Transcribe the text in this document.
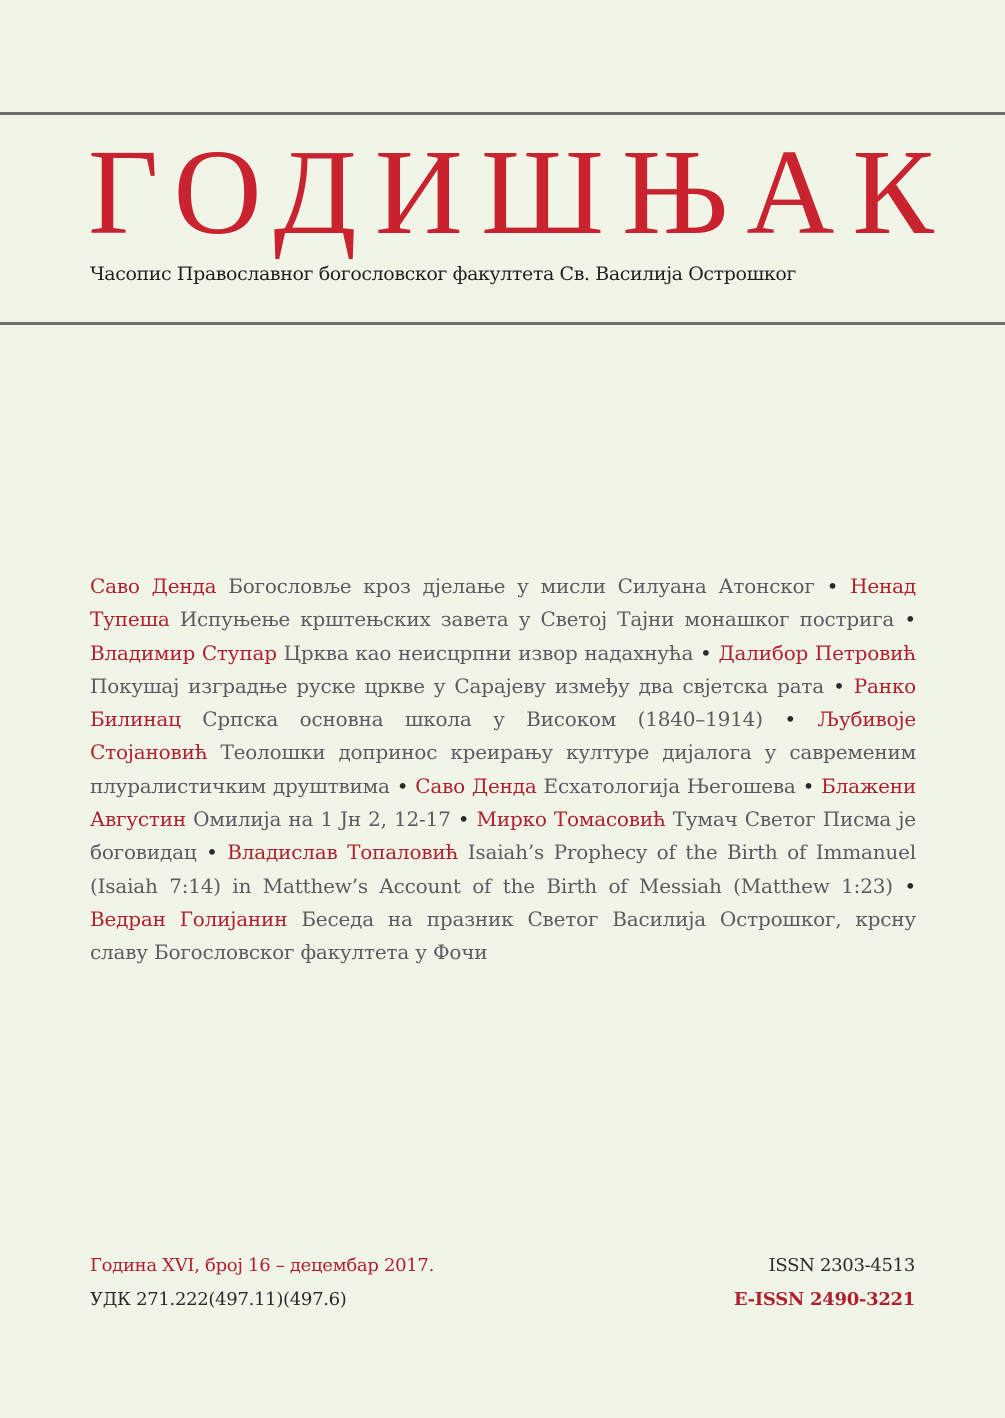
ГОДИШЊАК

Часопис Православног богословског факултета Св. Василија Острошког

Саво Денда Богословље кроз дјелање у мисли Силуана Атонског • Ненад Тупеша Испуњење крштењских завета у Светој Тајни монашког пострига • Владимир Ступар Црква као неисцрпни извор надахнућа • Далибор Петровић Покушај изградње руске цркве у Сарајеву између два свјетска рата • Ранко Билинац Српска основна школа у Високом (1840–1914) • Љубивоје Стојановић Теолошки допринос креирању културе дијалога у савременим плуралистичким друштвима • Саво Денда Есхатологија Његошева • Блажени Августин Омилија на 1 Јн 2, 12-17 • Мирко Томасовић Тумач Светог Писма је боговидац • Владислав Топаловић Isaiah’s Prophecy of the Birth of Immanuel (Isaiah 7:14) in Matthew’s Account of the Birth of Messiah (Matthew 1:23) • Ведран Голијанин Беседа на празник Светог Василија Острошког, крсну славу Богословског факултета у Фочи

Година XVI, број 16 – децембар 2017.
УДК 271.222(497.11)(497.6)
ISSN 2303-4513
E-ISSN 2490-3221
